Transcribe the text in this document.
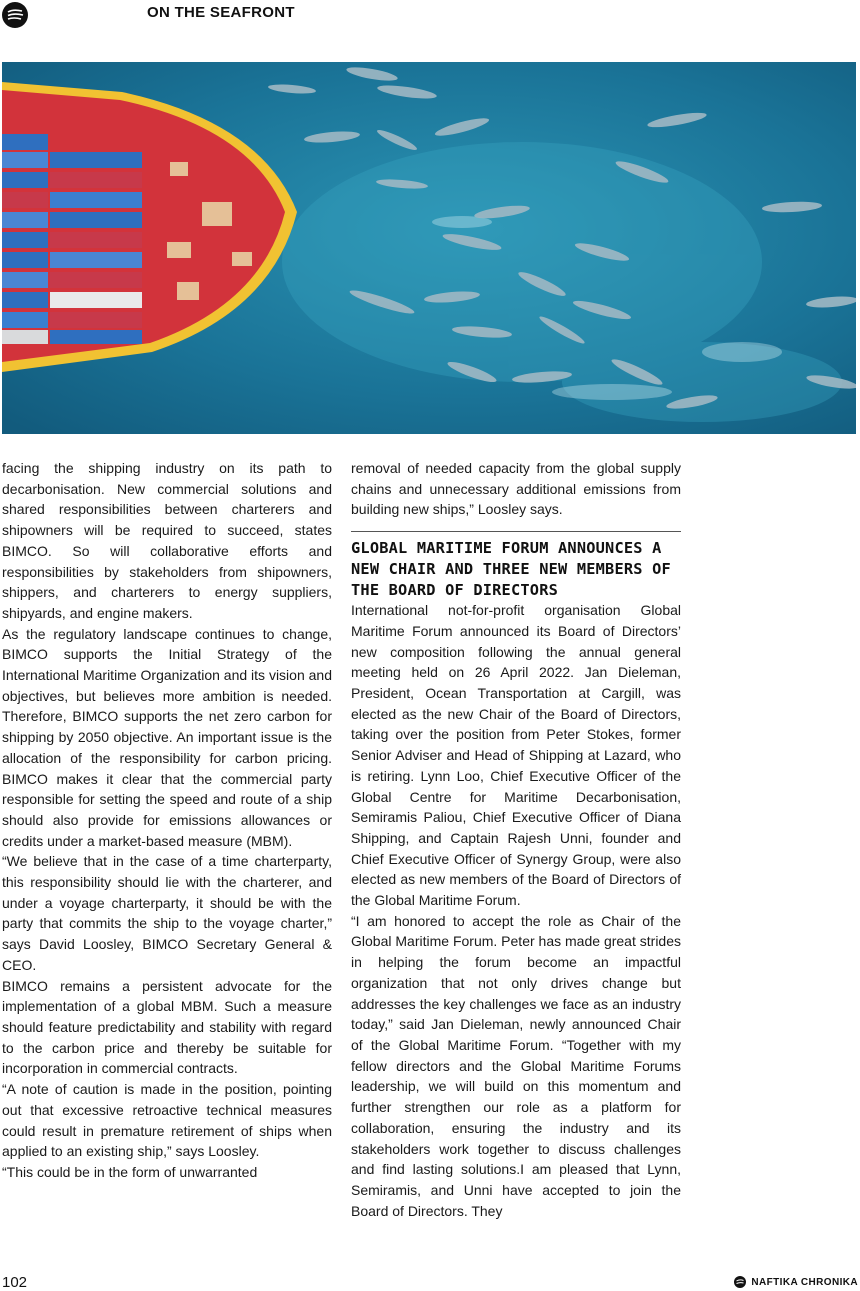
ON THE SEAFRONT

facing the shipping industry on its path to decarbonisation. New commercial solutions and shared responsibilities between charterers and shipowners will be required to succeed, states BIMCO. So will collaborative efforts and responsibilities by stakeholders from shipowners, shippers, and charterers to energy suppliers, shipyards, and engine makers.

As the regulatory landscape continues to change, BIMCO supports the Initial Strategy of the International Maritime Organization and its vision and objectives, but believes more ambition is needed. Therefore, BIMCO supports the net zero carbon for shipping by 2050 objective. An important issue is the allocation of the responsibility for carbon pricing. BIMCO makes it clear that the commercial party responsible for setting the speed and route of a ship should also provide for emissions allowances or credits under a market-based measure (MBM).

“We believe that in the case of a time charterparty, this responsibility should lie with the charterer, and under a voyage charterparty, it should be with the party that commits the ship to the voyage charter,” says David Loosley, BIMCO Secretary General & CEO.

BIMCO remains a persistent advocate for the implementation of a global MBM. Such a measure should feature predictability and stability with regard to the carbon price and thereby be suitable for incorporation in commercial contracts.

“A note of caution is made in the position, pointing out that excessive retroactive technical measures could result in premature retirement of ships when applied to an existing ship,” says Loosley.

“This could be in the form of unwarranted

removal of needed capacity from the global supply chains and unnecessary additional emissions from building new ships,” Loosley says.

GLOBAL MARITIME FORUM ANNOUNCES A NEW CHAIR AND THREE NEW MEMBERS OF THE BOARD OF DIRECTORS

International not-for-profit organisation Global Maritime Forum announced its Board of Directors’ new composition following the annual general meeting held on 26 April 2022. Jan Dieleman, President, Ocean Transportation at Cargill, was elected as the new Chair of the Board of Directors, taking over the position from Peter Stokes, former Senior Adviser and Head of Shipping at Lazard, who is retiring. Lynn Loo, Chief Executive Officer of the Global Centre for Maritime Decarbonisation, Semiramis Paliou, Chief Executive Officer of Diana Shipping, and Captain Rajesh Unni, founder and Chief Executive Officer of Synergy Group, were also elected as new members of the Board of Directors of the Global Maritime Forum.

“I am honored to accept the role as Chair of the Global Maritime Forum. Peter has made great strides in helping the forum become an impactful organization that not only drives change but addresses the key challenges we face as an industry today,” said Jan Dieleman, newly announced Chair of the Global Maritime Forum. “Together with my fellow directors and the Global Maritime Forums leadership, we will build on this momentum and further strengthen our role as a platform for collaboration, ensuring the industry and its stakeholders work together to discuss challenges and find lasting solutions.I am pleased that Lynn, Semiramis, and Unni have accepted to join the Board of Directors. They

102	NAFTIKA CHRONIKA
